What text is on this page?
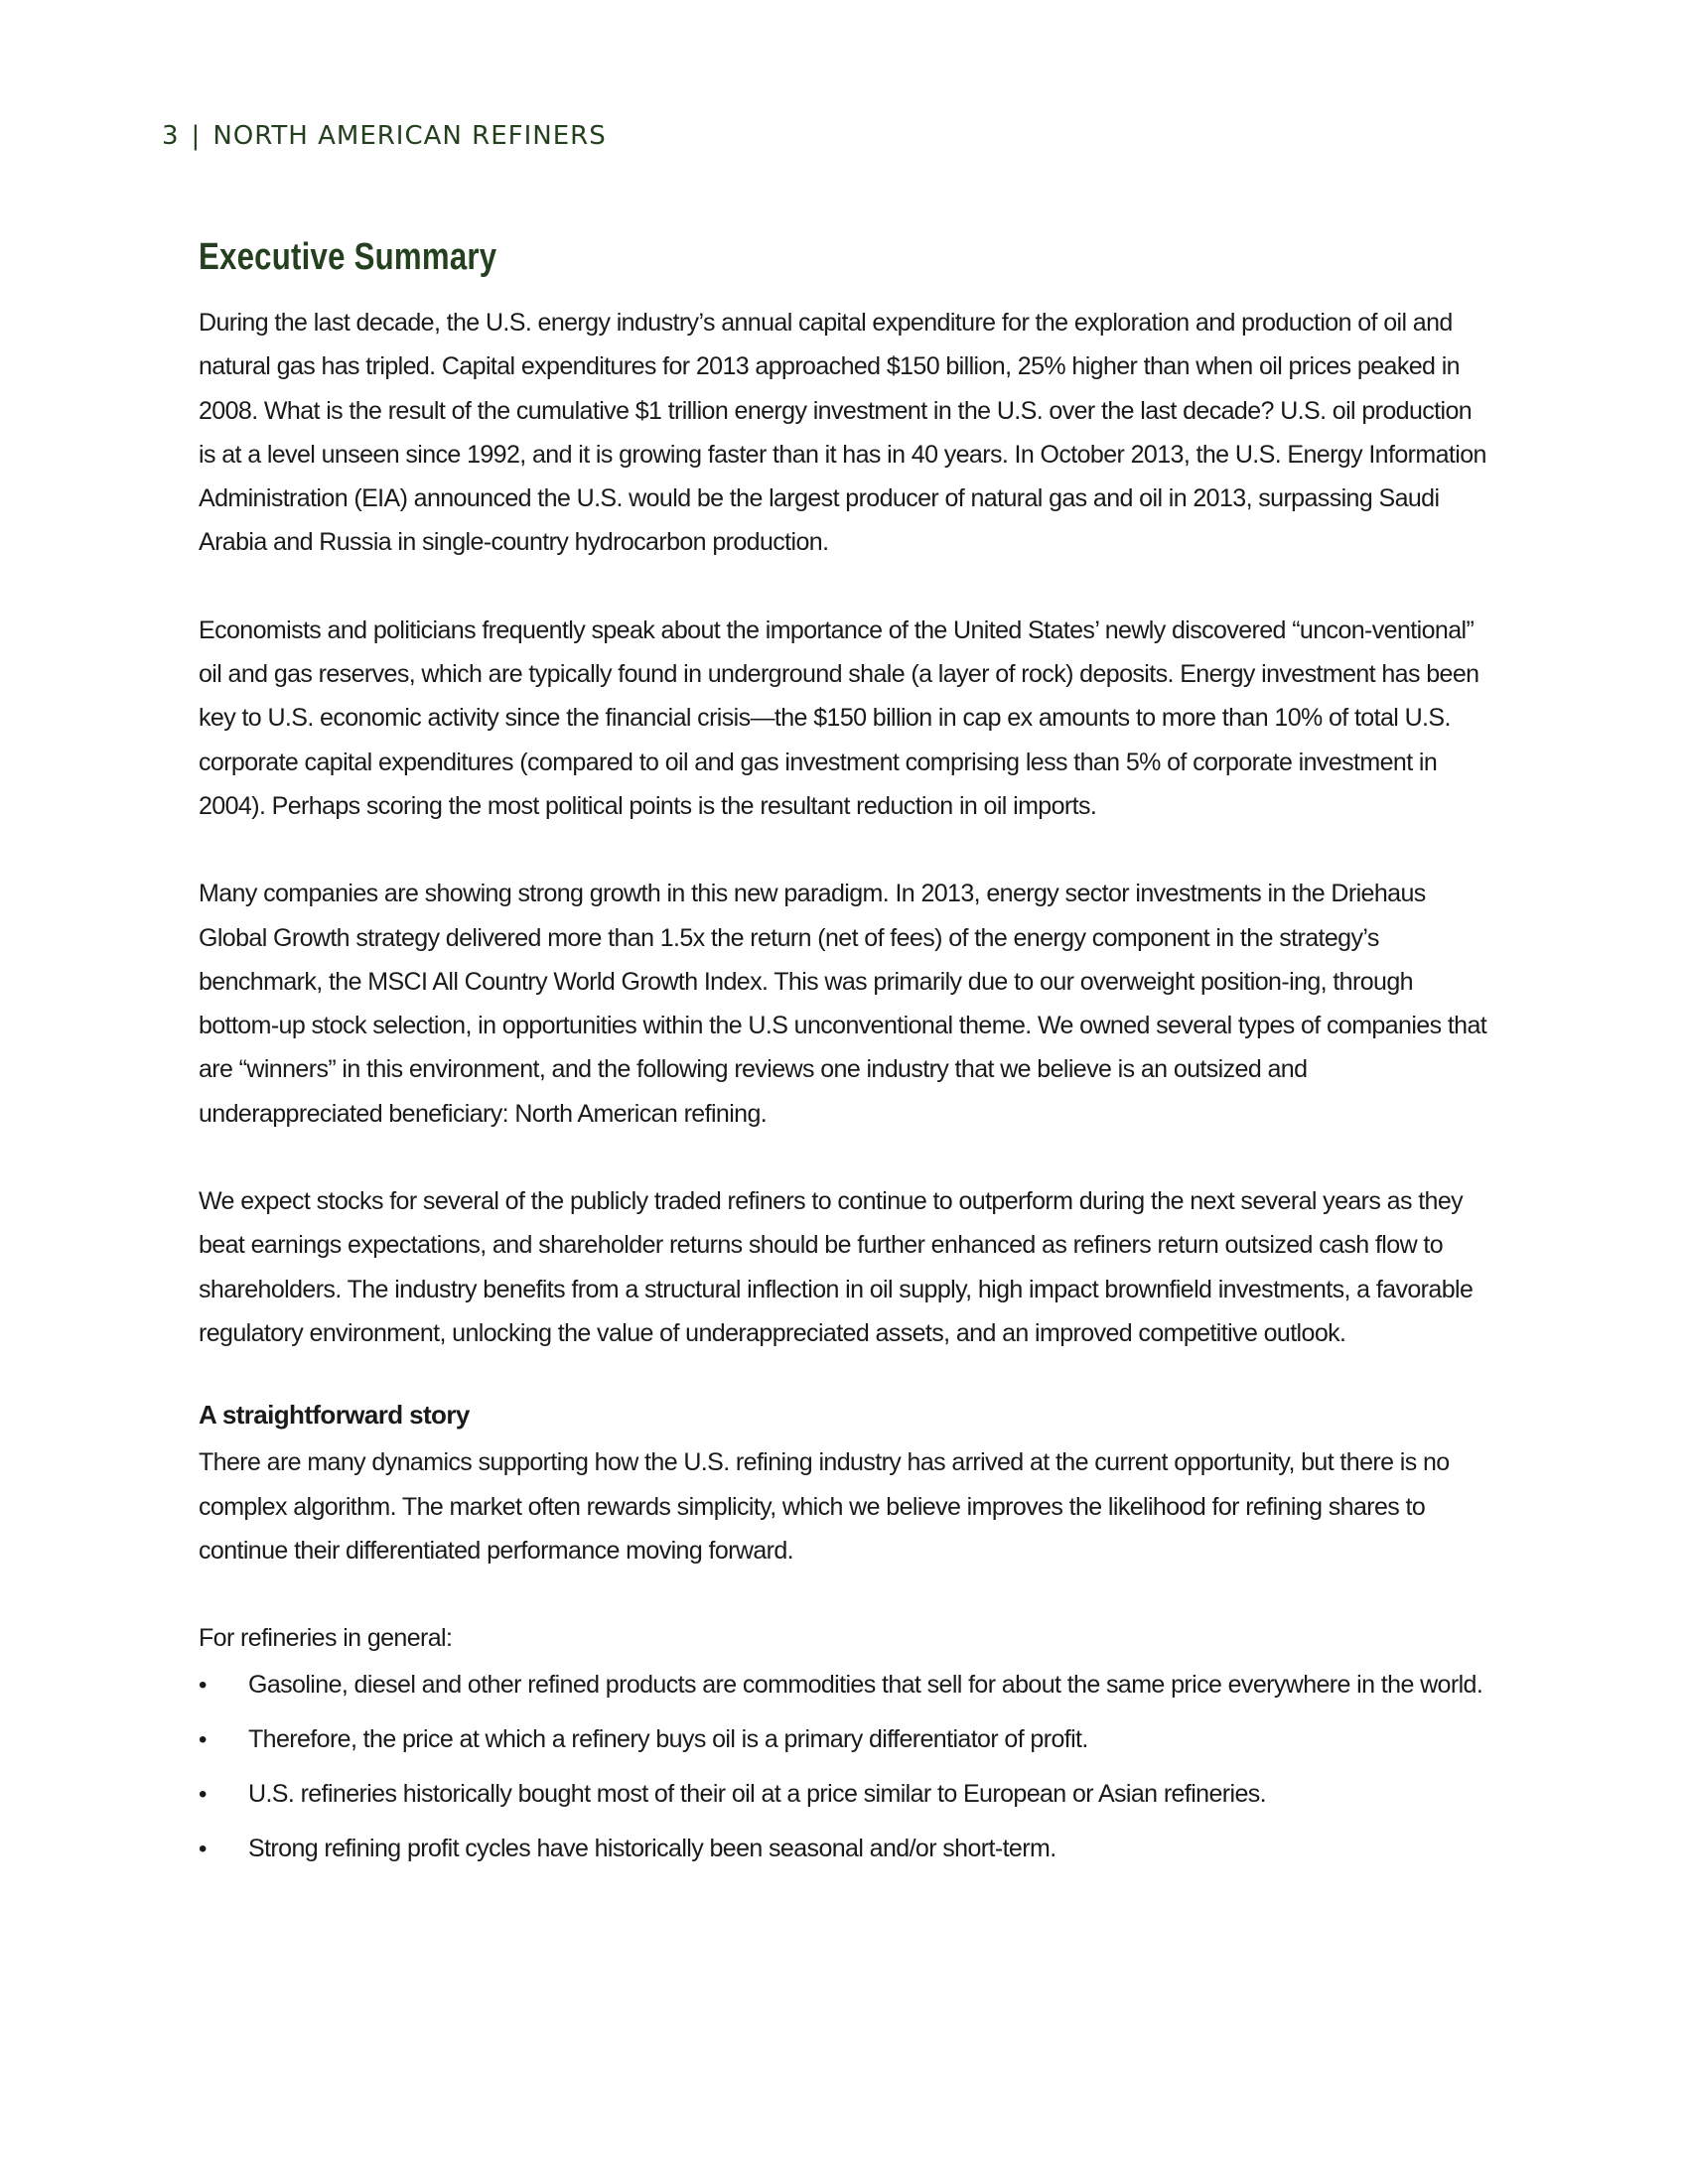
3 | NORTH AMERICAN REFINERS
Executive Summary

During the last decade, the U.S. energy industry’s annual capital expenditure for the exploration and production of oil and natural gas has tripled. Capital expenditures for 2013 approached $150 billion, 25% higher than when oil prices peaked in 2008. What is the result of the cumulative $1 trillion energy investment in the U.S. over the last decade? U.S. oil production is at a level unseen since 1992, and it is growing faster than it has in 40 years. In October 2013, the U.S. Energy Information Administration (EIA) announced the U.S. would be the largest producer of natural gas and oil in 2013, surpassing Saudi Arabia and Russia in single-country hydrocarbon production.

Economists and politicians frequently speak about the importance of the United States’ newly discovered “uncon-ventional” oil and gas reserves, which are typically found in underground shale (a layer of rock) deposits. Energy investment has been key to U.S. economic activity since the financial crisis—the $150 billion in cap ex amounts to more than 10% of total U.S. corporate capital expenditures (compared to oil and gas investment comprising less than 5% of corporate investment in 2004). Perhaps scoring the most political points is the resultant reduction in oil imports.

Many companies are showing strong growth in this new paradigm. In 2013, energy sector investments in the Driehaus Global Growth strategy delivered more than 1.5x the return (net of fees) of the energy component in the strategy’s benchmark, the MSCI All Country World Growth Index. This was primarily due to our overweight position-ing, through bottom-up stock selection, in opportunities within the U.S unconventional theme. We owned several types of companies that are “winners” in this environment, and the following reviews one industry that we believe is an outsized and underappreciated beneficiary: North American refining.

We expect stocks for several of the publicly traded refiners to continue to outperform during the next several years as they beat earnings expectations, and shareholder returns should be further enhanced as refiners return outsized cash flow to shareholders. The industry benefits from a structural inflection in oil supply, high impact brownfield investments, a favorable regulatory environment, unlocking the value of underappreciated assets, and an improved competitive outlook.

A straightforward story

There are many dynamics supporting how the U.S. refining industry has arrived at the current opportunity, but there is no complex algorithm. The market often rewards simplicity, which we believe improves the likelihood for refining shares to continue their differentiated performance moving forward.

For refineries in general:

• Gasoline, diesel and other refined products are commodities that sell for about the same price everywhere in the world.
• Therefore, the price at which a refinery buys oil is a primary differentiator of profit.
• U.S. refineries historically bought most of their oil at a price similar to European or Asian refineries.
• Strong refining profit cycles have historically been seasonal and/or short-term.
